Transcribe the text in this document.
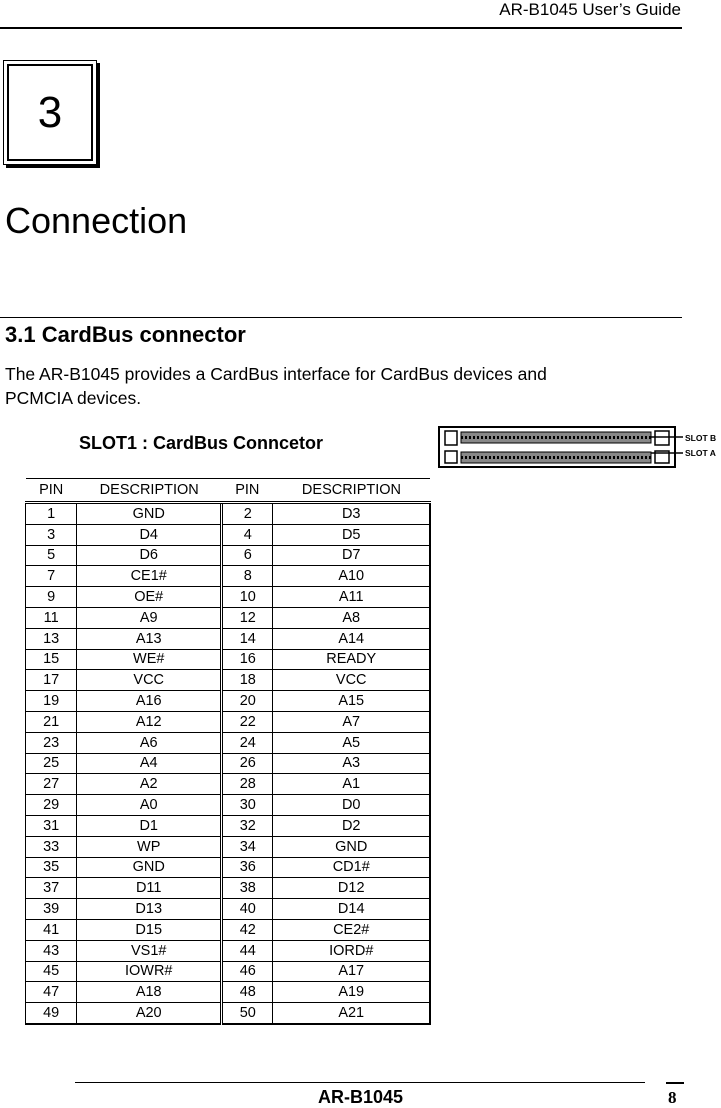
AR-B1045 User’s Guide
3
Connection
3.1 CardBus connector
The AR-B1045 provides a CardBus interface for CardBus devices and PCMCIA devices.
SLOT1 : CardBus Conncetor	SLOT B
SLOT A
PIN	DESCRIPTION	PIN	DESCRIPTION
1	GND	2	D3
3	D4	4	D5
5	D6	6	D7
7	CE1#	8	A10
9	OE#	10	A11
11	A9	12	A8
13	A13	14	A14
15	WE#	16	READY
17	VCC	18	VCC
19	A16	20	A15
21	A12	22	A7
23	A6	24	A5
25	A4	26	A3
27	A2	28	A1
29	A0	30	D0
31	D1	32	D2
33	WP	34	GND
35	GND	36	CD1#
37	D11	38	D12
39	D13	40	D14
41	D15	42	CE2#
43	VS1#	44	IORD#
45	IOWR#	46	A17
47	A18	48	A19
49	A20	50	A21
AR-B1045	8
